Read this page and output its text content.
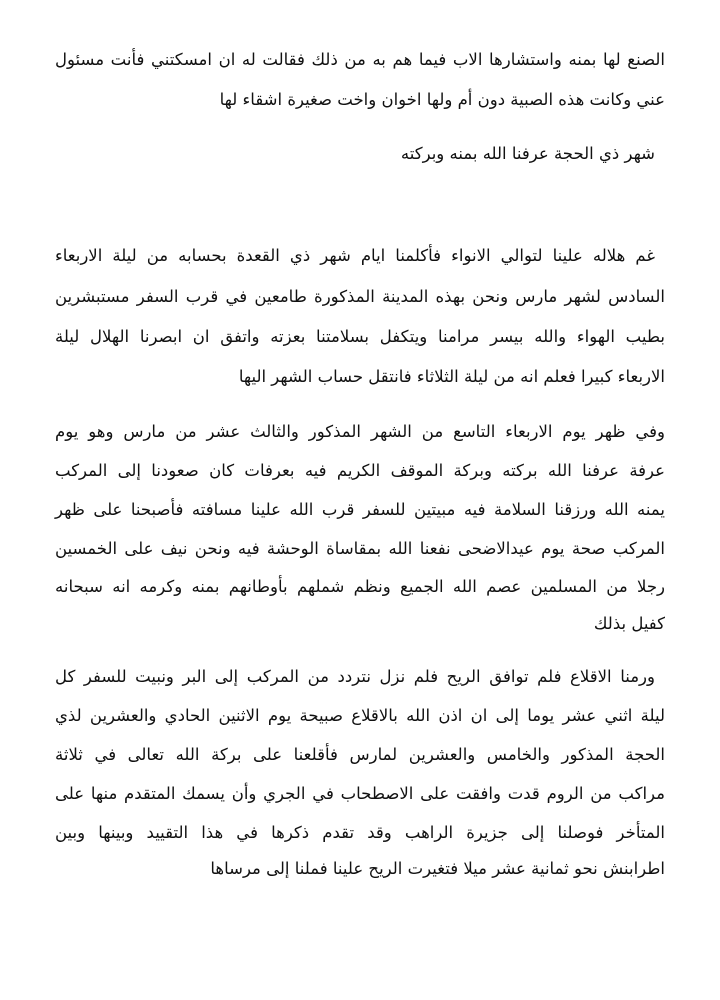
الصنع لها بمنه واستشارها الاب فيما هم به من ذلك فقالت له ان امسكتني فأنت مسئول
عني وكانت هذه الصبية دون أم ولها اخوان واخت صغيرة اشقاء لها
شهر ذي الحجة عرفنا الله بمنه وبركته
غم هلاله علينا لتوالي الانواء فأكلمنا ايام شهر ذي القعدة بحسابه من ليلة الاربعاء
السادس لشهر مارس ونحن بهذه المدينة المذكورة طامعين في قرب السفر مستبشرين
بطيب الهواء والله بيسر مرامنا ويتكفل بسلامتنا بعزته واتفق ان ابصرنا الهلال ليلة
الاربعاء كبيرا فعلم انه من ليلة الثلاثاء فانتقل حساب الشهر اليها
وفي ظهر يوم الاربعاء التاسع من الشهر المذكور والثالث عشر من مارس وهو يوم
عرفة عرفنا الله بركته وبركة الموقف الكريم فيه بعرفات كان صعودنا إلى المركب
يمنه الله ورزقنا السلامة فيه مبيتين للسفر قرب الله علينا مسافته فأصبحنا على ظهر
المركب صحة يوم عيدالاضحى نفعنا الله بمقاساة الوحشة فيه ونحن نيف على الخمسين
رجلا من المسلمين عصم الله الجميع ونظم شملهم بأوطانهم بمنه وكرمه انه سبحانه
كفيل بذلك
ورمنا الاقلاع فلم توافق الريح فلم نزل نتردد من المركب إلى البر ونبيت للسفر كل
ليلة اثني عشر يوما إلى ان اذن الله بالاقلاع صبيحة يوم الاثنين الحادي والعشرين لذي
الحجة المذكور والخامس والعشرين لمارس فأقلعنا على بركة الله تعالى في ثلاثة
مراكب من الروم قدت وافقت على الاصطحاب في الجري وأن يسمك المتقدم منها على
المتأخر فوصلنا إلى جزيرة الراهب وقد تقدم ذكرها في هذا التقييد وبينها وبين
اطرابنش نحو ثمانية عشر ميلا فتغيرت الريح علينا فملنا إلى مرساها
